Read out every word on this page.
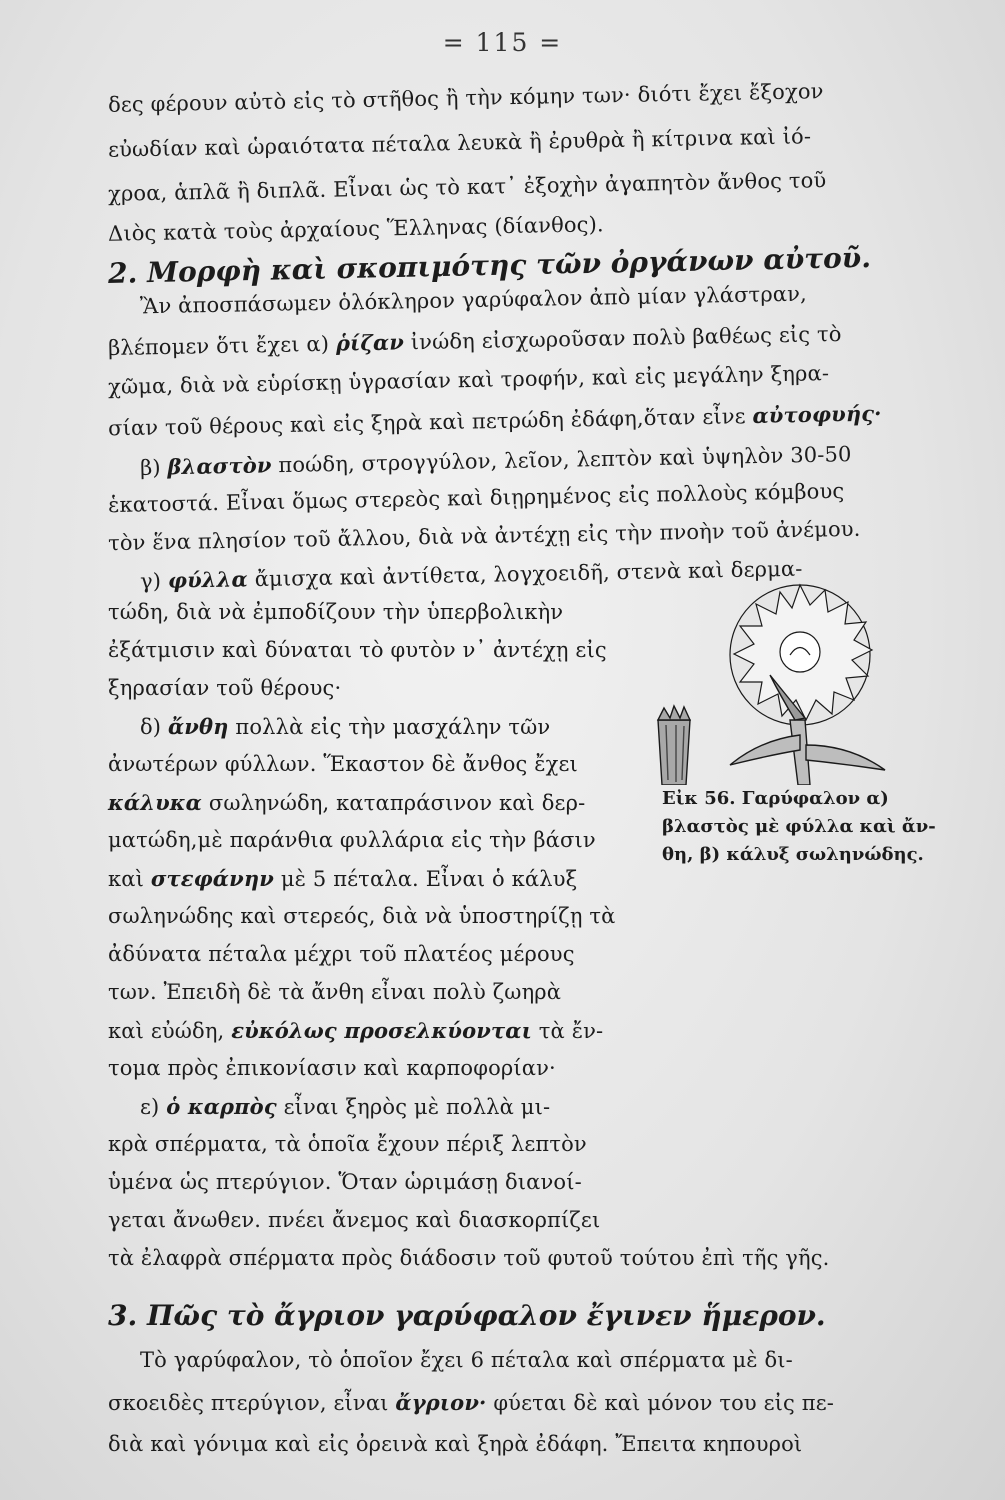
= 115 =
δες φέρουν αὐτὸ εἰς τὸ στῆθος ἢ τὴν κόμην των· διότι ἔχει ἔξοχον
εὐωδίαν καὶ ὡραιότατα πέταλα λευκὰ ἢ ἐρυθρὰ ἢ κίτρινα καὶ ἰό-
χροα, ἁπλᾶ ἢ διπλᾶ. Εἶναι ὡς τὸ κατ᾽ ἐξοχὴν ἀγαπητὸν ἄνθος τοῦ
Διὸς κατὰ τοὺς ἀρχαίους Ἕλληνας (δίανθος).
2. Μορφὴ καὶ σκοπιμότης τῶν ὀργάνων αὐτοῦ.
Ἂν ἀποσπάσωμεν ὁλόκληρον γαρύφαλον ἀπὸ μίαν γλάστραν,
βλέπομεν ὅτι ἔχει α) ῥίζαν ἰνώδη εἰσχωροῦσαν πολὺ βαθέως εἰς τὸ
χῶμα, διὰ νὰ εὑρίσκῃ ὑγρασίαν καὶ τροφήν, καὶ εἰς μεγάλην ξηρα-
σίαν τοῦ θέρους καὶ εἰς ξηρὰ καὶ πετρώδη ἐδάφη,ὅταν εἶνε αὐτοφυής·
β) βλαστὸν ποώδη, στρογγύλον, λεῖον, λεπτὸν καὶ ὑψηλὸν 30-50
ἑκατοστά. Εἶναι ὅμως στερεὸς καὶ διῃρημένος εἰς πολλοὺς κόμβους
τὸν ἕνα πλησίον τοῦ ἄλλου, διὰ νὰ ἀντέχῃ εἰς τὴν πνοὴν τοῦ ἀνέμου.
γ) φύλλα ἄμισχα καὶ ἀντίθετα, λογχοειδῆ, στενὰ καὶ δερμα-
τώδη, διὰ νὰ ἐμποδίζουν τὴν ὑπερβολικὴν
ἐξάτμισιν καὶ δύναται τὸ φυτὸν ν᾽ ἀντέχῃ εἰς
ξηρασίαν τοῦ θέρους·
δ) ἄνθη πολλὰ εἰς τὴν μασχάλην τῶν
ἀνωτέρων φύλλων. Ἕκαστον δὲ ἄνθος ἔχει
κάλυκα σωληνώδη, καταπράσινον καὶ δερ-
ματώδη,μὲ παράνθια φυλλάρια εἰς τὴν βάσιν
καὶ στεφάνην μὲ 5 πέταλα. Εἶναι ὁ κάλυξ
σωληνώδης καὶ στερεός, διὰ νὰ ὑποστηρίζῃ τὰ
ἀδύνατα πέταλα μέχρι τοῦ πλατέος μέρους
των. Ἐπειδὴ δὲ τὰ ἄνθη εἶναι πολὺ ζωηρὰ
καὶ εὐώδη, εὐκόλως προσελκύονται τὰ ἔν-
τομα πρὸς ἐπικονίασιν καὶ καρποφορίαν·
ε) ὁ καρπὸς εἶναι ξηρὸς μὲ πολλὰ μι-
κρὰ σπέρματα, τὰ ὁποῖα ἔχουν πέριξ λεπτὸν
ὑμένα ὡς πτερύγιον. Ὅταν ὡριμάσῃ διανοί-
γεται ἄνωθεν. πνέει ἄνεμος καὶ διασκορπίζει
τὰ ἐλαφρὰ σπέρματα πρὸς διάδοσιν τοῦ φυτοῦ τούτου ἐπὶ τῆς γῆς.
Εἰκ 56. Γαρύφαλον α)
βλαστὸς μὲ φύλλα καὶ ἄν-
θη, β) κάλυξ σωληνώδης.
3. Πῶς τὸ ἄγριον γαρύφαλον ἔγινεν ἥμερον.
Τὸ γαρύφαλον, τὸ ὁποῖον ἔχει 6 πέταλα καὶ σπέρματα μὲ δι-
σκοειδὲς πτερύγιον, εἶναι ἄγριον· φύεται δὲ καὶ μόνον του εἰς πε-
διὰ καὶ γόνιμα καὶ εἰς ὀρεινὰ καὶ ξηρὰ ἐδάφη. Ἔπειτα κηπουροὶ
